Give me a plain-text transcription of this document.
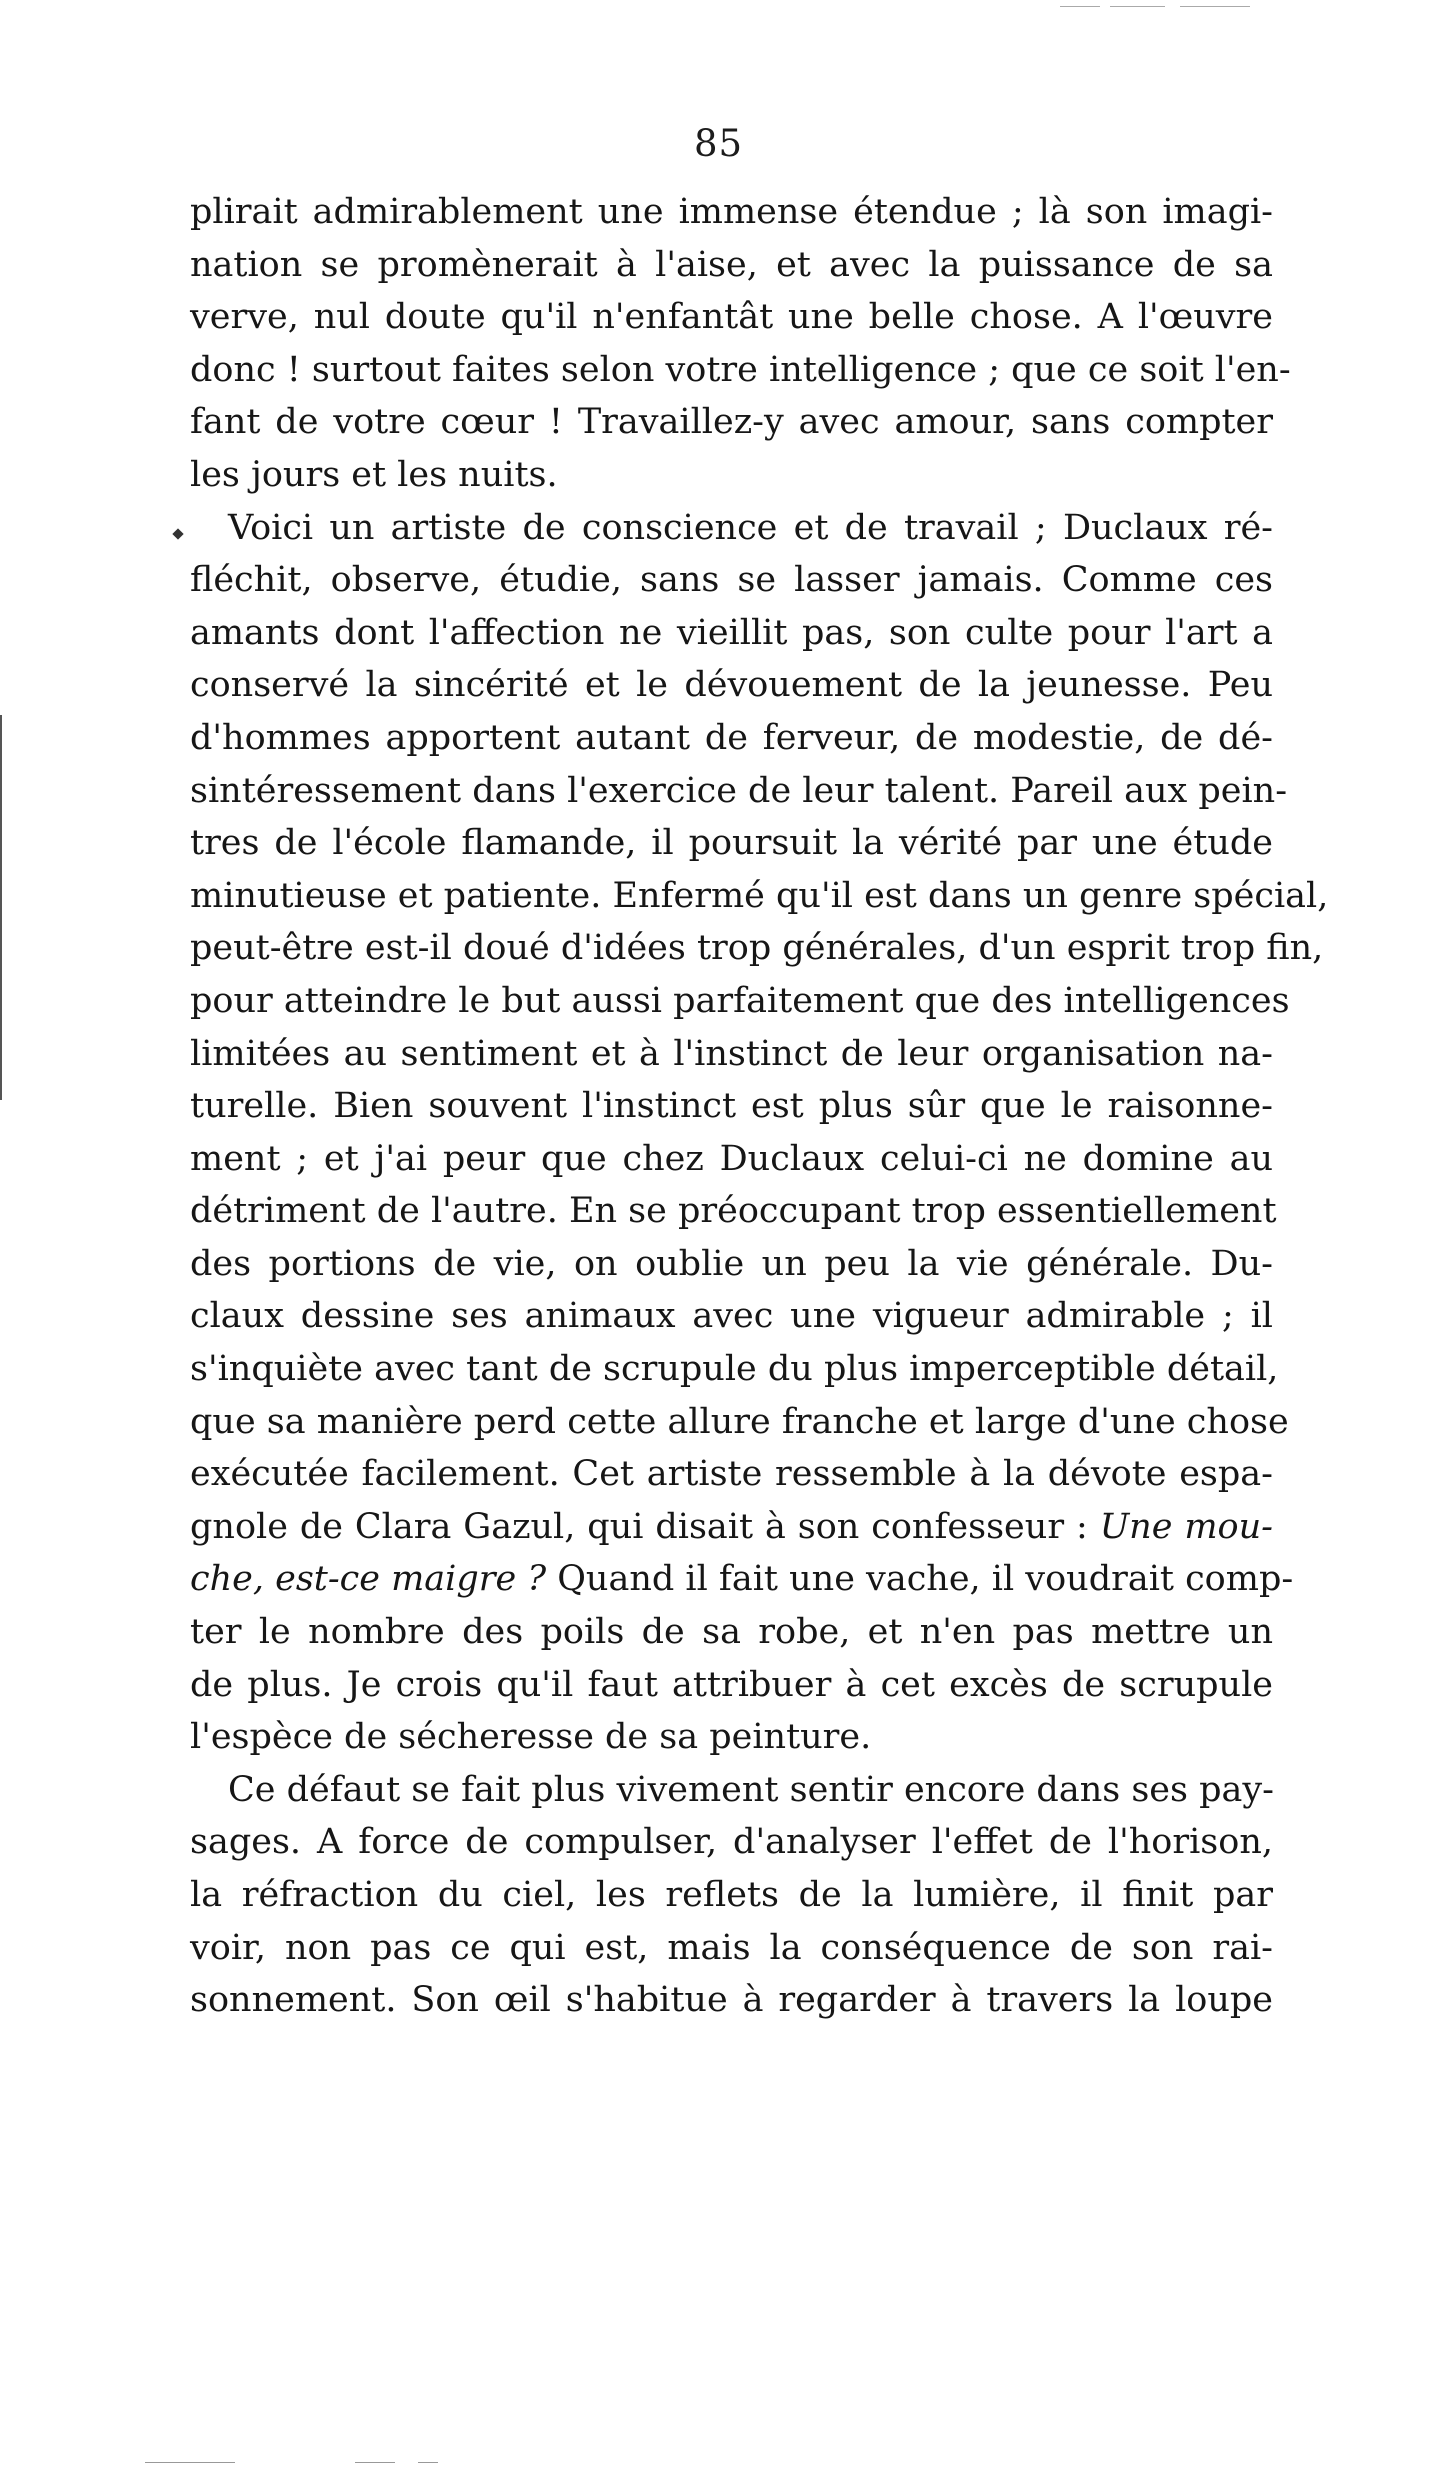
85
plirait admirablement une immense étendue ; là son imagi-
nation se promènerait à l'aise, et avec la puissance de sa
verve, nul doute qu'il n'enfantât une belle chose. A l'œuvre
donc ! surtout faites selon votre intelligence ; que ce soit l'en-
fant de votre cœur ! Travaillez-y avec amour, sans compter
les jours et les nuits.
Voici un artiste de conscience et de travail ; Duclaux ré-
fléchit, observe, étudie, sans se lasser jamais. Comme ces
amants dont l'affection ne vieillit pas, son culte pour l'art a
conservé la sincérité et le dévouement de la jeunesse. Peu
d'hommes apportent autant de ferveur, de modestie, de dé-
sintéressement dans l'exercice de leur talent. Pareil aux pein-
tres de l'école flamande, il poursuit la vérité par une étude
minutieuse et patiente. Enfermé qu'il est dans un genre spécial,
peut-être est-il doué d'idées trop générales, d'un esprit trop fin,
pour atteindre le but aussi parfaitement que des intelligences
limitées au sentiment et à l'instinct de leur organisation na-
turelle. Bien souvent l'instinct est plus sûr que le raisonne-
ment ; et j'ai peur que chez Duclaux celui-ci ne domine au
détriment de l'autre. En se préoccupant trop essentiellement
des portions de vie, on oublie un peu la vie générale. Du-
claux dessine ses animaux avec une vigueur admirable ; il
s'inquiète avec tant de scrupule du plus imperceptible détail,
que sa manière perd cette allure franche et large d'une chose
exécutée facilement. Cet artiste ressemble à la dévote espa-
gnole de Clara Gazul, qui disait à son confesseur : Une mou-
che, est-ce maigre ? Quand il fait une vache, il voudrait comp-
ter le nombre des poils de sa robe, et n'en pas mettre un
de plus. Je crois qu'il faut attribuer à cet excès de scrupule
l'espèce de sécheresse de sa peinture.
Ce défaut se fait plus vivement sentir encore dans ses pay-
sages. A force de compulser, d'analyser l'effet de l'horison,
la réfraction du ciel, les reflets de la lumière, il finit par
voir, non pas ce qui est, mais la conséquence de son rai-
sonnement. Son œil s'habitue à regarder à travers la loupe
